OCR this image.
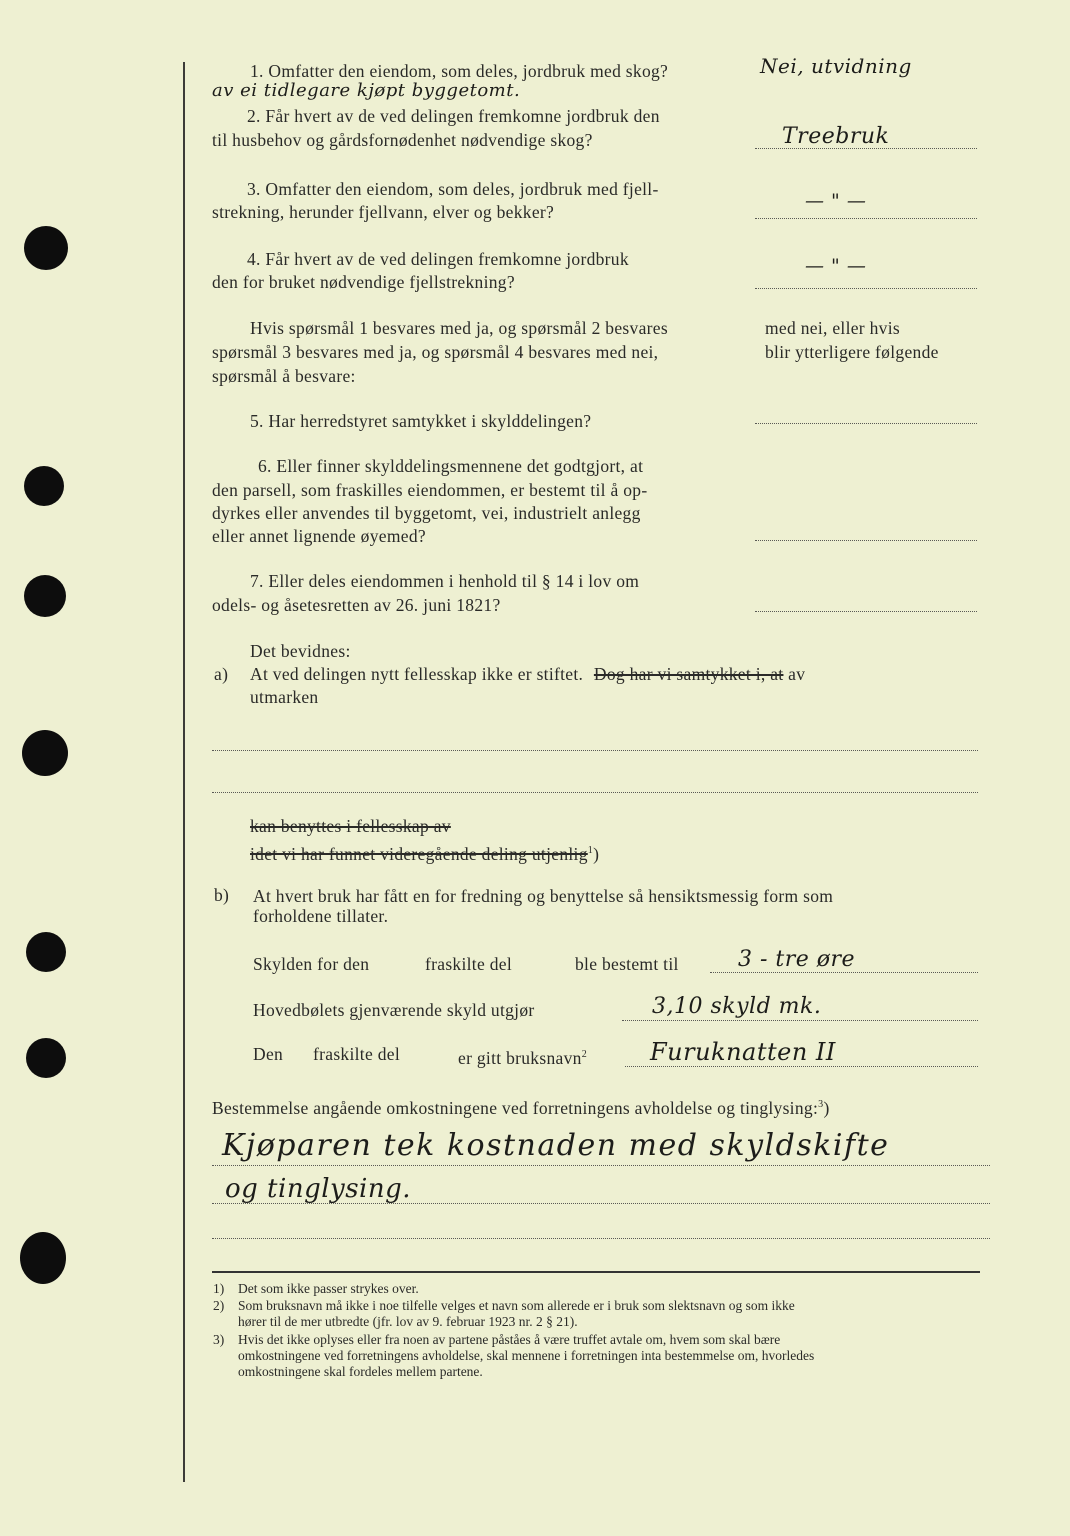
1. Omfatter den eiendom, som deles, jordbruk med skog?	Nei, utvidning
av ei tidlegare kjøpt byggetomt.
2. Får hvert av de ved delingen fremkomne jordbruk den
til husbehov og gårdsfornødenhet nødvendige skog?	Treebruk
3. Omfatter den eiendom, som deles, jordbruk med fjell-
strekning, herunder fjellvann, elver og bekker?	— " —
4. Får hvert av de ved delingen fremkomne jordbruk
den for bruket nødvendige fjellstrekning?
— " —
Hvis spørsmål 1 besvares med ja, og spørsmål 2 besvares
spørsmål 3 besvares med ja, og spørsmål 4 besvares med nei,
spørsmål å besvare:
med nei, eller hvis
blir ytterligere følgende
5. Har herredstyret samtykket i skylddelingen?
6. Eller finner skylddelingsmennene det godtgjort, at
den parsell, som fraskilles eiendommen, er bestemt til å op-
dyrkes eller anvendes til byggetomt, vei, industrielt anlegg
eller annet lignende øyemed?
7. Eller deles eiendommen i henhold til § 14 i lov om
odels- og åsetesretten av 26. juni 1821?
Det bevidnes:
a) At ved delingen nytt fellesskap ikke er stiftet. Dog har vi samtykket i, at av
utmarken
kan benyttes i fellesskap av
idet vi har funnet videregående deling utjenlig$^1$)
b) At hvert bruk har fått en for fredning og benyttelse så hensiktsmessig form som
forholdene tillater.
Skylden for den	fraskilte del	ble bestemt til	3 - tre øre
Hovedbølets gjenværende skyld utgjør	3,10 skyld mk.
Den fraskilte del	er gitt bruksnavn$^2$	Furuknatten II
Bestemmelse angående omkostningene ved forretningens avholdelse og tinglysing:$^3$)
Kjøparen tek kostnaden med skyldskifte
og tinglysing.
1) Det som ikke passer strykes over.
2) Som bruksnavn må ikke i noe tilfelle velges et navn som allerede er i bruk som slektsnavn og som ikke
hører til de mer utbredte (jfr. lov av 9. februar 1923 nr. 2 § 21).
3) Hvis det ikke oplyses eller fra noen av partene påståes å være truffet avtale om, hvem som skal bære
omkostningene ved forretningens avholdelse, skal mennene i forretningen inta bestemmelse om, hvorledes
omkostningene skal fordeles mellem partene.
